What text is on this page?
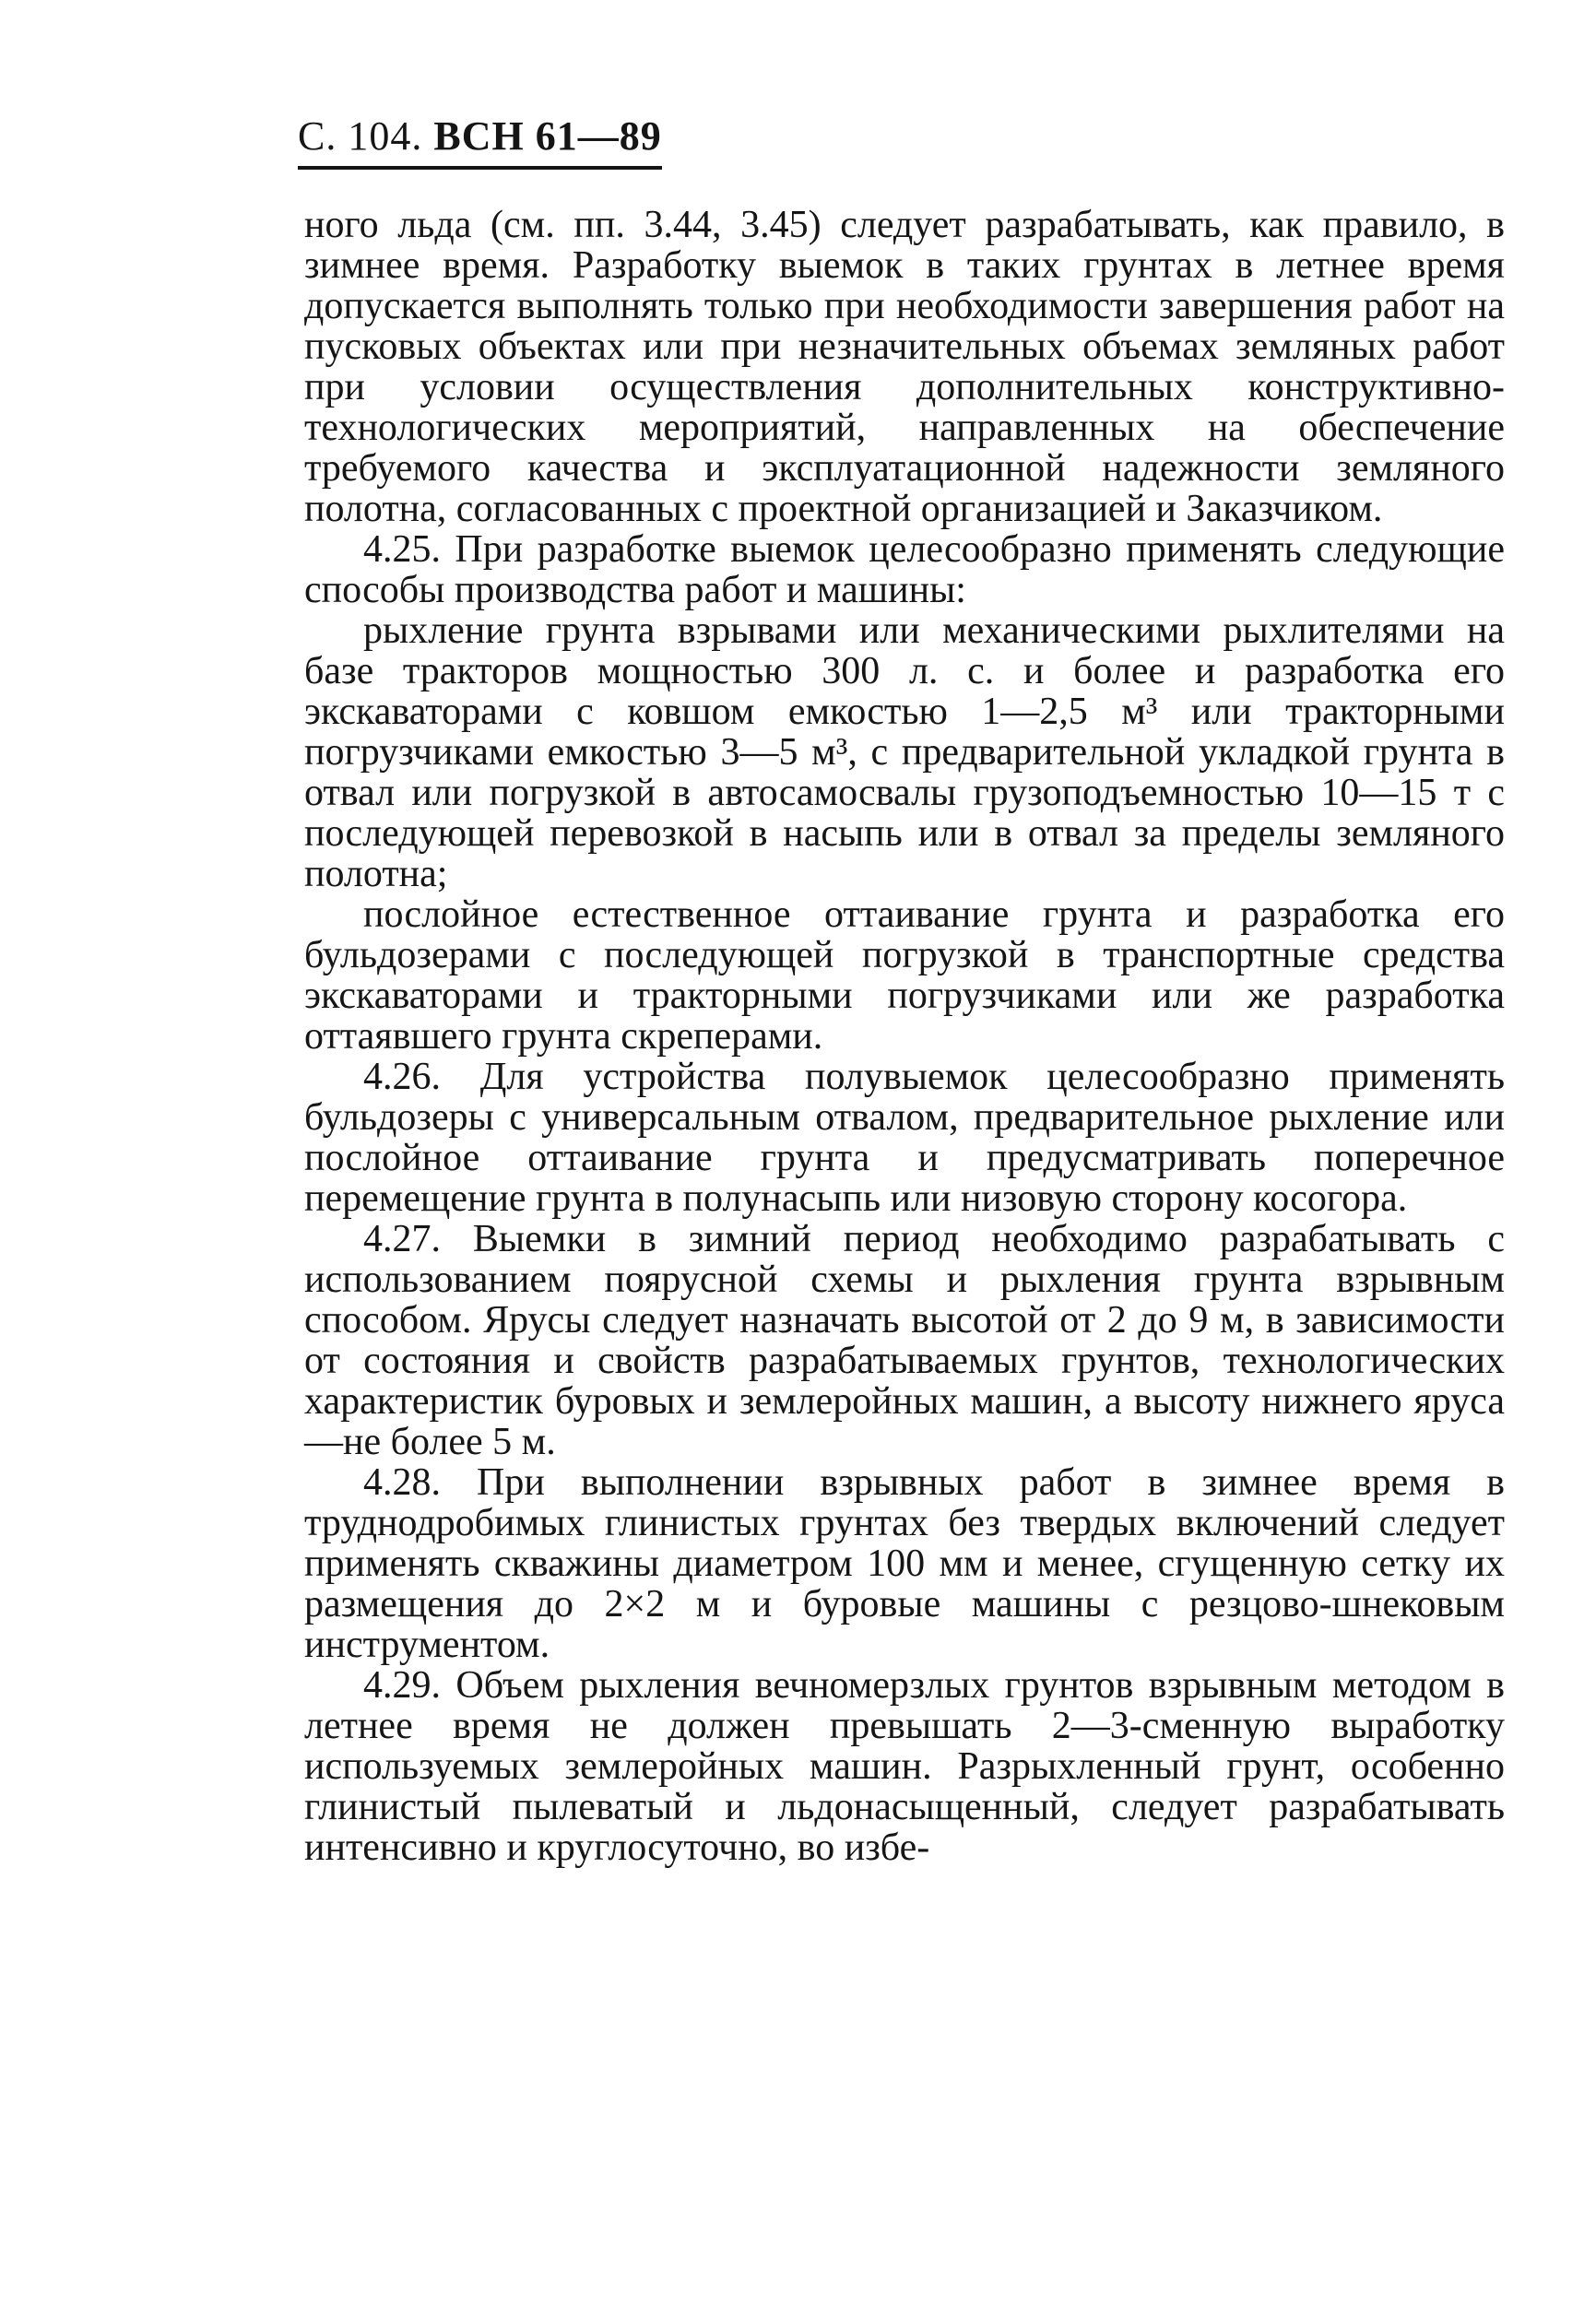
С. 104. ВСН 61—89

ного льда (см. пп. 3.44, 3.45) следует разрабатывать, как правило, в зимнее время. Разработку выемок в таких грунтах в летнее время допускается выполнять только при необходимости завершения работ на пусковых объектах или при незначительных объемах земляных работ при условии осуществления дополнительных конструктивно-технологических мероприятий, направленных на обеспечение требуемого качества и эксплуатационной надежности земляного полотна, согласованных с проектной организацией и Заказчиком.

4.25. При разработке выемок целесообразно применять следующие способы производства работ и машины:

рыхление грунта взрывами или механическими рыхлителями на базе тракторов мощностью 300 л. с. и более и разработка его экскаваторами с ковшом емкостью 1—2,5 м³ или тракторными погрузчиками емкостью 3—5 м³, с предварительной укладкой грунта в отвал или погрузкой в автосамосвалы грузоподъемностью 10—15 т с последующей перевозкой в насыпь или в отвал за пределы земляного полотна;

послойное естественное оттаивание грунта и разработка его бульдозерами с последующей погрузкой в транспортные средства экскаваторами и тракторными погрузчиками или же разработка оттаявшего грунта скреперами.

4.26. Для устройства полувыемок целесообразно применять бульдозеры с универсальным отвалом, предварительное рыхление или послойное оттаивание грунта и предусматривать поперечное перемещение грунта в полунасыпь или низовую сторону косогора.

4.27. Выемки в зимний период необходимо разрабатывать с использованием поярусной схемы и рыхления грунта взрывным способом. Ярусы следует назначать высотой от 2 до 9 м, в зависимости от состояния и свойств разрабатываемых грунтов, технологических характеристик буровых и землеройных машин, а высоту нижнего яруса—не более 5 м.

4.28. При выполнении взрывных работ в зимнее время в труднодробимых глинистых грунтах без твердых включений следует применять скважины диаметром 100 мм и менее, сгущенную сетку их размещения до 2×2 м и буровые машины с резцово-шнековым инструментом.

4.29. Объем рыхления вечномерзлых грунтов взрывным методом в летнее время не должен превышать 2—3-сменную выработку используемых землеройных машин. Разрыхленный грунт, особенно глинистый пылеватый и льдонасыщенный, следует разрабатывать интенсивно и круглосуточно, во избе-
